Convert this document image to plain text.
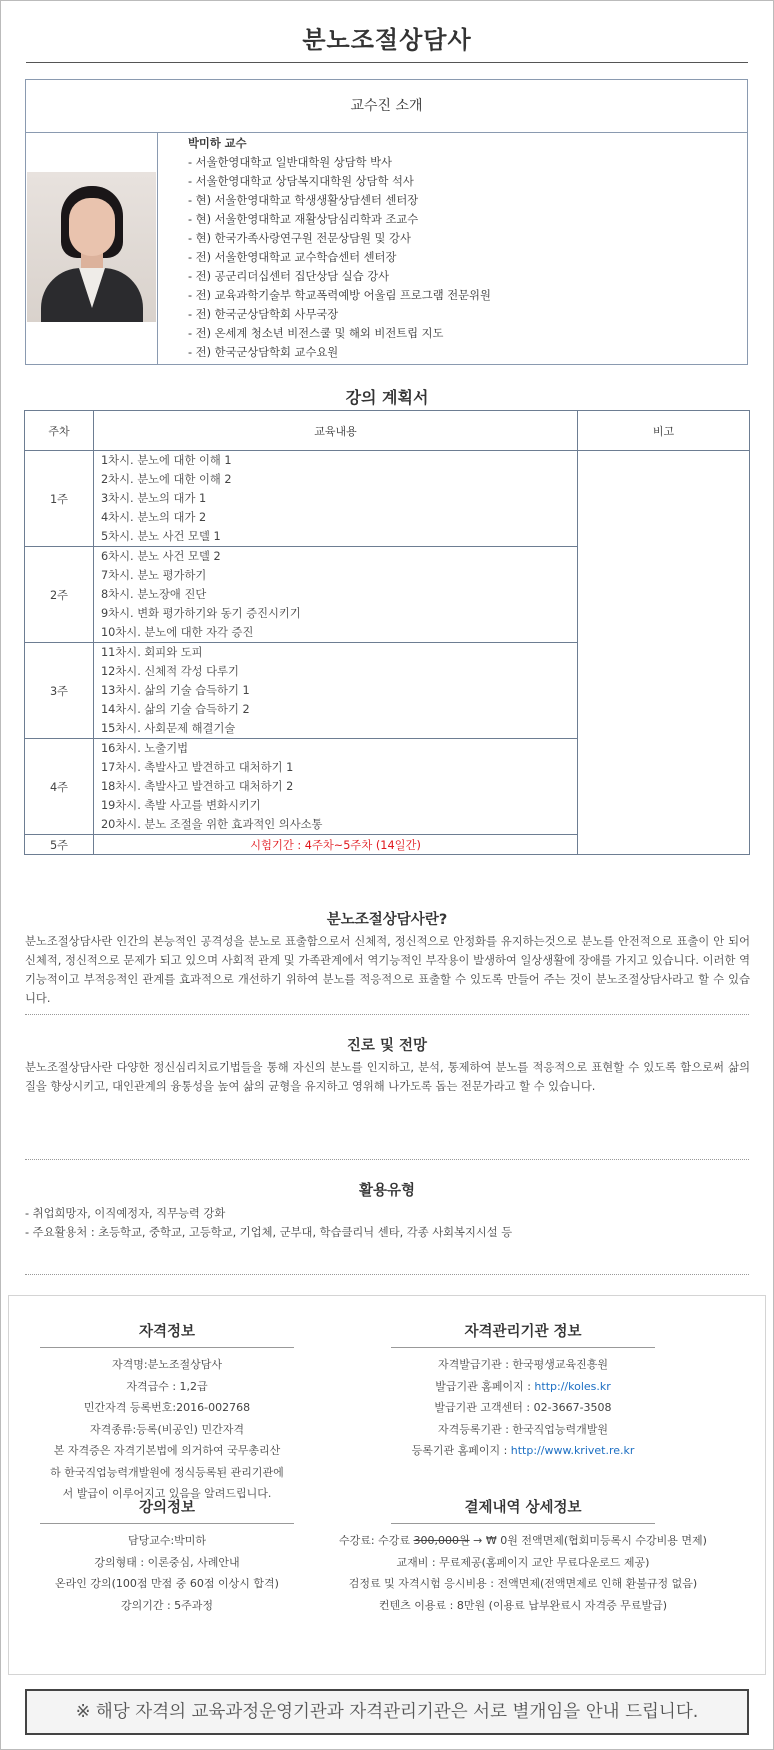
분노조절상담사
교수진 소개
박미하 교수
- 서울한영대학교 일반대학원 상담학 박사
- 서울한영대학교 상담복지대학원 상담학 석사
- 현) 서울한영대학교 학생생활상담센터 센터장
- 현) 서울한영대학교 재활상담심리학과 조교수
- 현) 한국가족사랑연구원 전문상담원 및 강사
- 전) 서울한영대학교 교수학습센터 센터장
- 전) 공군리더십센터 집단상담 실습 강사
- 전) 교육과학기술부 학교폭력예방 어울림 프로그램 전문위원
- 전) 한국군상담학회 사무국장
- 전) 온세계 청소년 비전스쿨 및 해외 비전트립 지도
- 전) 한국군상담학회 교수요원
강의 계획서
주차	교육내용	비고
1주	1차시. 분노에 대한 이해 1
2차시. 분노에 대한 이해 2
3차시. 분노의 대가 1
4차시. 분노의 대가 2
5차시. 분노 사건 모델 1	

2주	6차시. 분노 사건 모델 2
7차시. 분노 평가하기
8차시. 분노장애 진단
9차시. 변화 평가하기와 동기 증진시키기
10차시. 분노에 대한 자각 증진	

3주	11차시. 회피와 도피
12차시. 신체적 각성 다루기
13차시. 삶의 기술 습득하기 1
14차시. 삶의 기술 습득하기 2
15차시. 사회문제 해결기술	

4주	16차시. 노출기법
17차시. 촉발사고 발견하고 대처하기 1
18차시. 촉발사고 발견하고 대처하기 2
19차시. 촉발 사고를 변화시키기
20차시. 분노 조절을 위한 효과적인 의사소통	

5주	시험기간 : 4주차~5주차 (14일간)	
분노조절상담사란?
분노조절상담사란 인간의 본능적인 공격성을 분노로 표출함으로서 신체적, 정신적으로 안정화를 유지하는것으로 분노를 안전적으로 표출이 안 되어 신체적, 정신적으로 문제가 되고 있으며 사회적 관계 및 가족관계에서 역기능적인 부작용이 발생하여 일상생활에 장애를 가지고 있습니다. 이러한 역기능적이고 부적응적인 관계를 효과적으로 개선하기 위하여 분노를 적응적으로 표출할 수 있도록 만들어 주는 것이 분노조절상담사라고 할 수 있습니다.
진로 및 전망
분노조절상담사란 다양한 정신심리치료기법들을 통해 자신의 분노를 인지하고, 분석, 통제하여 분노를 적응적으로 표현할 수 있도록 함으로써 삶의 질을 향상시키고, 대인관계의 융통성을 높여 삶의 균형을 유지하고 영위해 나가도록 돕는 전문가라고 할 수 있습니다.
활용유형
- 취업희망자, 이직예정자, 직무능력 강화
- 주요활용처 : 초등학교, 중학교, 고등학교, 기업체, 군부대, 학습클리닉 센타, 각종 사회복지시설 등
자격정보
자격명:분노조절상담사
자격급수 : 1,2급
민간자격 등록번호:2016-002768
자격종류:등록(비공인) 민간자격
본 자격증은 자격기본법에 의거하여 국무총리산
하 한국직업능력개발원에 정식등록된 관리기관에
서 발급이 이루어지고 있음을 알려드립니다.
자격관리기관 정보
자격발급기관 : 한국평생교육진흥원
발급기관 홈페이지 : http://koles.kr
발급기관 고객센터 : 02-3667-3508
자격등록기관 : 한국직업능력개발원
등록기관 홈페이지 : http://www.krivet.re.kr
강의정보
담당교수:박미하
강의형태 : 이론중심, 사례안내
온라인 강의(100점 만점 중 60점 이상시 합격)
강의기간 : 5주과정
결제내역 상세정보
수강료: 수강료 300,000원 → ₩ 0원 전액면제(협회미등록시 수강비용 면제)
교재비 : 무료제공(홈페이지 교안 무료다운로드 제공)
검정료 및 자격시험 응시비용 : 전액면제(전액면제로 인해 환불규정 없음)
컨텐츠 이용료 : 8만원 (이용료 납부완료시 자격증 무료발급)
※ 해당 자격의 교육과정운영기관과 자격관리기관은 서로 별개임을 안내 드립니다.
